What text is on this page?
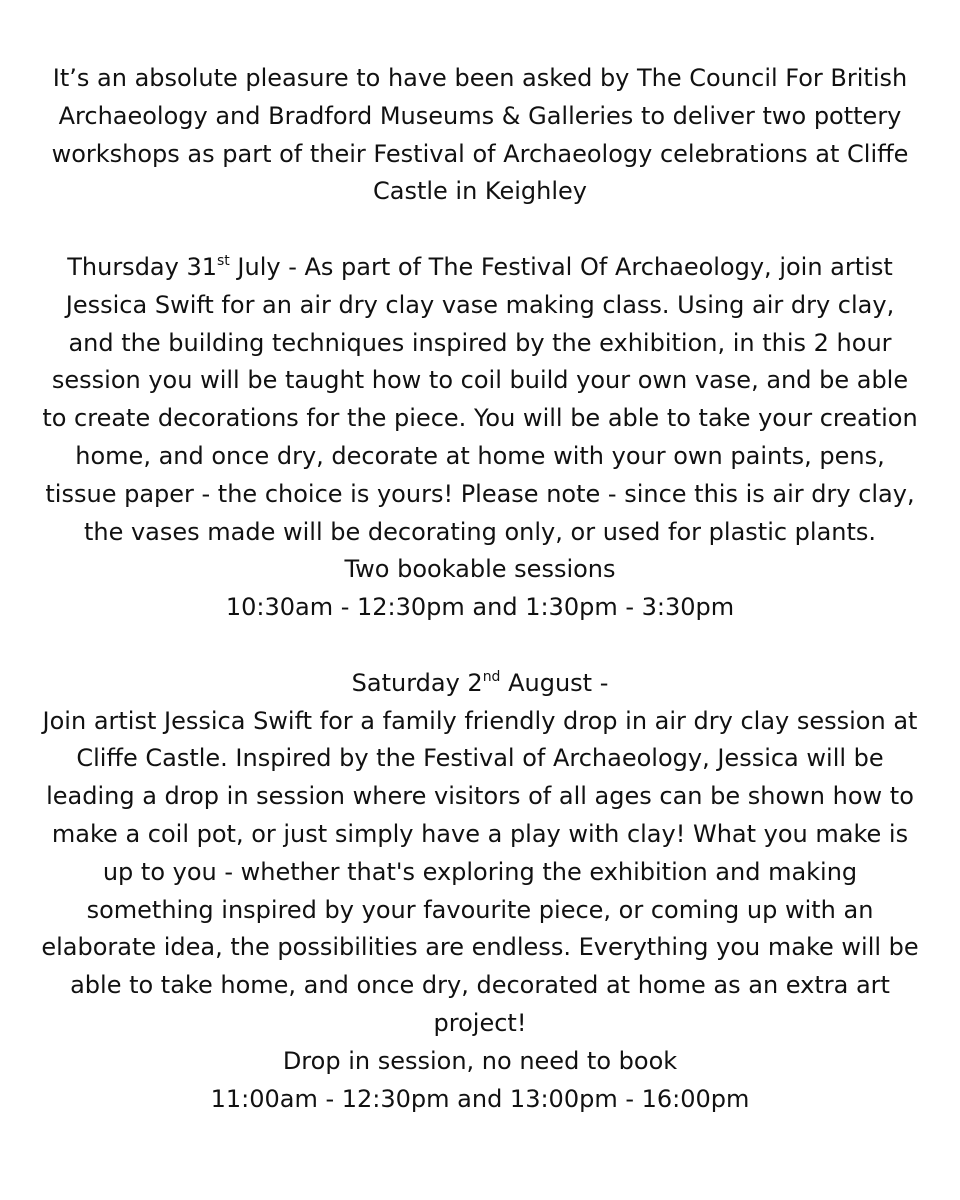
It’s an absolute pleasure to have been asked by The Council For British Archaeology and Bradford Museums & Galleries to deliver two pottery workshops as part of their Festival of Archaeology celebrations at Cliffe Castle in Keighley

Thursday 31st July - As part of The Festival Of Archaeology, join artist Jessica Swift for an air dry clay vase making class. Using air dry clay, and the building techniques inspired by the exhibition, in this 2 hour session you will be taught how to coil build your own vase, and be able to create decorations for the piece. You will be able to take your creation home, and once dry, decorate at home with your own paints, pens, tissue paper - the choice is yours! Please note - since this is air dry clay, the vases made will be decorating only, or used for plastic plants.

Two bookable sessions

10:30am - 12:30pm and 1:30pm - 3:30pm

Saturday 2nd August -

Join artist Jessica Swift for a family friendly drop in air dry clay session at Cliffe Castle. Inspired by the Festival of Archaeology, Jessica will be leading a drop in session where visitors of all ages can be shown how to make a coil pot, or just simply have a play with clay! What you make is up to you - whether that's exploring the exhibition and making something inspired by your favourite piece, or coming up with an elaborate idea, the possibilities are endless. Everything you make will be able to take home, and once dry, decorated at home as an extra art project!

Drop in session, no need to book

11:00am - 12:30pm and 13:00pm - 16:00pm
